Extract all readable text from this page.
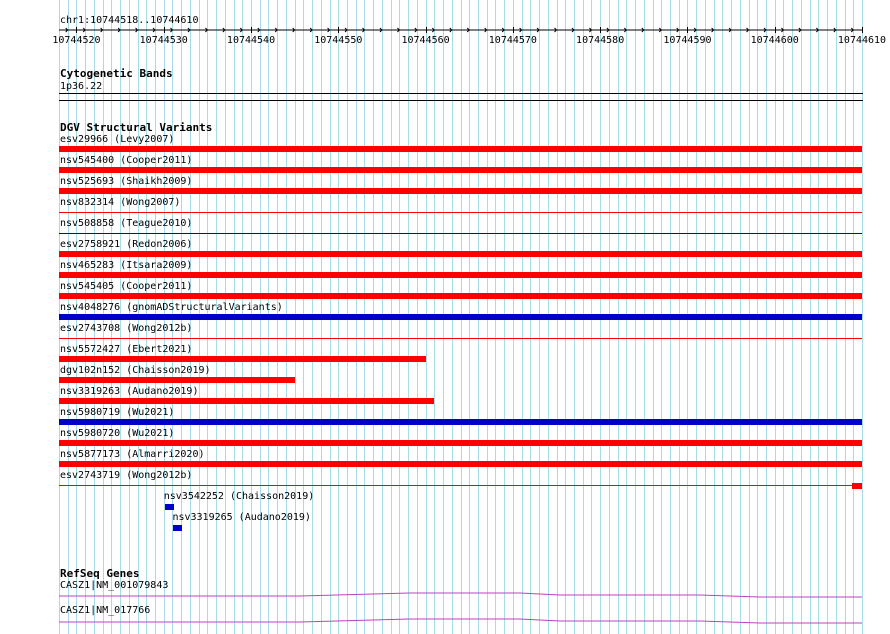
chr1:10744518..10744610
10744520	10744530	10744540	10744550	10744560	10744570	10744580	10744590	10744600	10744610
Cytogenetic Bands
1p36.22
DGV Structural Variants
esv29966 (Levy2007)
nsv545400 (Cooper2011)
nsv525693 (Shaikh2009)
nsv832314 (Wong2007)
nsv508858 (Teague2010)
esv2758921 (Redon2006)
nsv465283 (Itsara2009)
nsv545405 (Cooper2011)
nsv4048276 (gnomADStructuralVariants)
esv2743708 (Wong2012b)
nsv5572427 (Ebert2021)
dgv102n152 (Chaisson2019)
nsv3319263 (Audano2019)
nsv5980719 (Wu2021)
nsv5980720 (Wu2021)
nsv5877173 (Almarri2020)
esv2743719 (Wong2012b)
nsv3542252 (Chaisson2019)
nsv3319265 (Audano2019)
RefSeq Genes
CASZ1|NM_001079843
CASZ1|NM_017766
